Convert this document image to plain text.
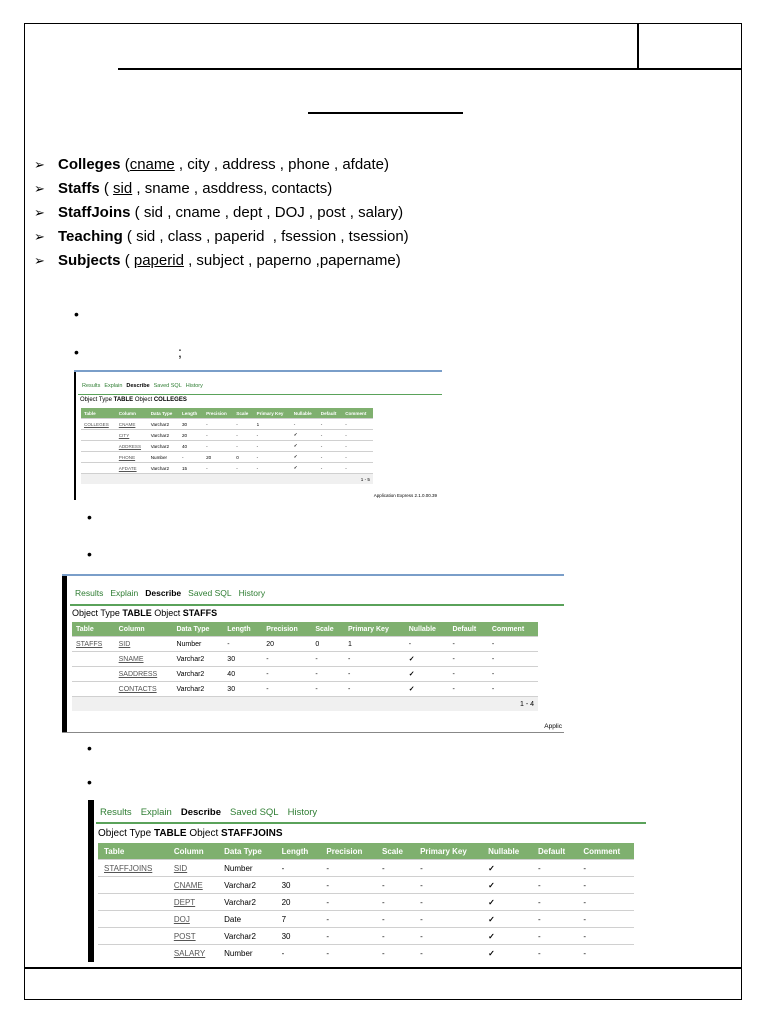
➢ Colleges ( cname , city , address , phone , afdate)
➢ Staffs ( sid , sname , asddress, contacts)
➢ StaffJoins ( sid , cname , dept , DOJ , post , salary)
➢ Teaching ( sid , class , paperid  , fsession , tsession)
➢ Subjects ( paperid , subject , paperno ,papername)
•
•	;
Results Explain Describe Saved SQL History
Object Type TABLE Object COLLEGES
Table	Column	Data Type	Length	Precision	Scale	Primary Key	Nullable	Default	Comment
COLLEGES	CNAME	Varchar2	30	-	-	1	-	-	-
	CITY	Varchar2	20	-	-	-	✓	-	-
	ADDRESS	Varchar2	40	-	-	-	✓	-	-
	PHONE	Number	-	20	0	-	✓	-	-
	AFDATE	Varchar2	15	-	-	-	✓	-	-
1 - 5									
Application Express 2.1.0.00.39
•
•
Results Explain Describe Saved SQL History
Object Type TABLE Object STAFFS
Table	Column	Data Type	Length	Precision	Scale	Primary Key	Nullable	Default	Comment
STAFFS	SID	Number	-	20	0	1	-	-	-
	SNAME	Varchar2	30	-	-	-	✓	-	-
	SADDRESS	Varchar2	40	-	-	-	✓	-	-
	CONTACTS	Varchar2	30	-	-	-	✓	-	-
1 - 4									
Applic
•
•
Results Explain Describe Saved SQL History
Object Type TABLE Object STAFFJOINS
Table	Column	Data Type	Length	Precision	Scale	Primary Key	Nullable	Default	Comment
STAFFJOINS	SID	Number	-	-	-	-	✓	-	-
	CNAME	Varchar2	30	-	-	-	✓	-	-
	DEPT	Varchar2	20	-	-	-	✓	-	-
	DOJ	Date	7	-	-	-	✓	-	-
	POST	Varchar2	30	-	-	-	✓	-	-
	SALARY	Number	-	-	-	-	✓	-	-
